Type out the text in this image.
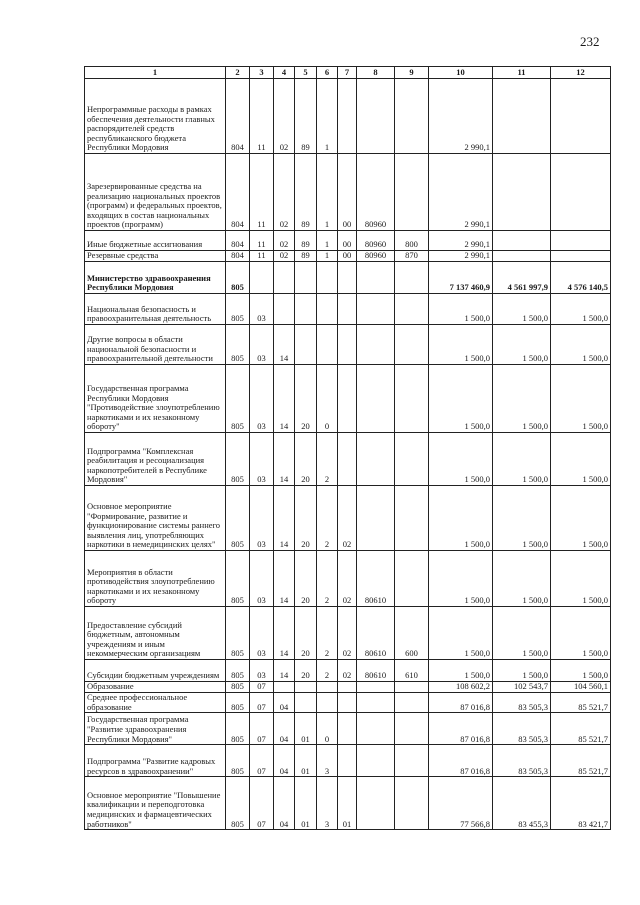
232
1	2	3	4	5	6	7	8	9	10	11	12
Непрограммные расходы в рамках обеспечения деятельности главных распорядителей средств республиканского бюджета Республики Мордовия	804	11	02	89	1				2 990,1		
Зарезервированные средства на реализацию национальных проектов (программ) и федеральных проектов, входящих в состав национальных проектов (программ)	804	11	02	89	1	00	80960		2 990,1		
Иные бюджетные ассигнования	804	11	02	89	1	00	80960	800	2 990,1		
Резервные средства	804	11	02	89	1	00	80960	870	2 990,1		
Министерство здравоохранения Республики Мордовия	805								7 137 460,9	4 561 997,9	4 576 140,5
Национальная безопасность и правоохранительная деятельность	805	03							1 500,0	1 500,0	1 500,0
Другие вопросы в области национальной безопасности и правоохранительной деятельности	805	03	14						1 500,0	1 500,0	1 500,0
Государственная программа Республики Мордовия "Противодействие злоупотреблению наркотиками и их незаконному обороту"	805	03	14	20	0				1 500,0	1 500,0	1 500,0
Подпрограмма "Комплексная реабилитация и ресоциализация наркопотребителей в Республике Мордовия"	805	03	14	20	2				1 500,0	1 500,0	1 500,0
Основное мероприятие "Формирование, развитие и функционирование системы раннего выявления лиц, употребляющих наркотики в немедицинских целях"	805	03	14	20	2	02			1 500,0	1 500,0	1 500,0
Мероприятия в области противодействия злоупотреблению наркотиками и их незаконному обороту	805	03	14	20	2	02	80610		1 500,0	1 500,0	1 500,0
Предоставление субсидий бюджетным, автономным учреждениям и иным некоммерческим организациям	805	03	14	20	2	02	80610	600	1 500,0	1 500,0	1 500,0
Субсидии бюджетным учреждениям	805	03	14	20	2	02	80610	610	1 500,0	1 500,0	1 500,0
Образование	805	07							108 602,2	102 543,7	104 560,1
Среднее профессиональное образование	805	07	04						87 016,8	83 505,3	85 521,7
Государственная программа "Развитие здравоохранения Республики Мордовия"	805	07	04	01	0				87 016,8	83 505,3	85 521,7
Подпрограмма "Развитие кадровых ресурсов в здравоохранении"	805	07	04	01	3				87 016,8	83 505,3	85 521,7
Основное мероприятие "Повышение квалификации и переподготовка медицинских и фармацевтических работников"	805	07	04	01	3	01			77 566,8	83 455,3	83 421,7
